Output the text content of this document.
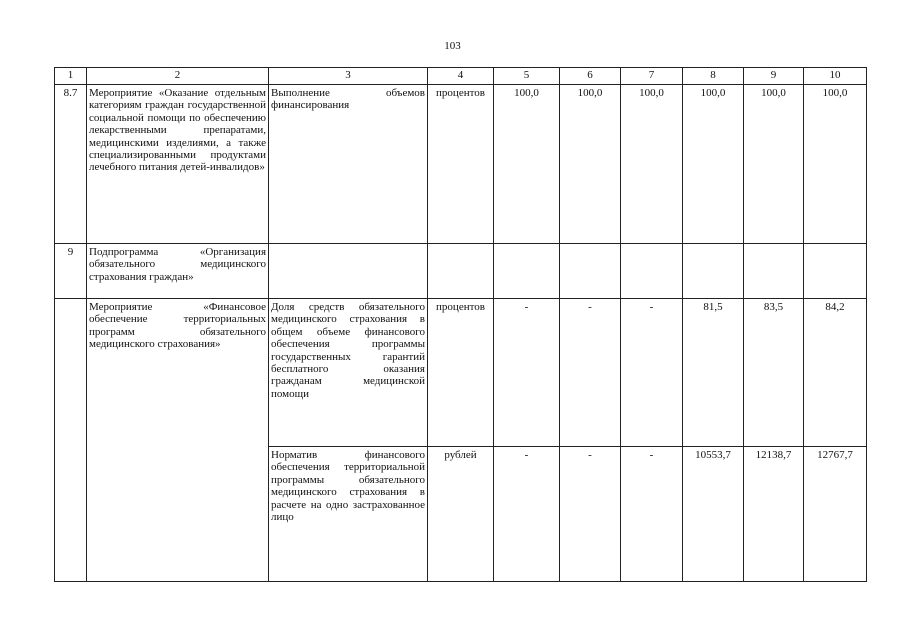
103
1	2	3	4	5	6	7	8	9	10
8.7	Мероприятие «Оказание отдельным категориям граждан государственной социальной помощи по обеспечению лекарственными препаратами, медицинскими изделиями, а также специализированными продуктами лечебного питания детей-инвалидов»	Выполнение объемов финансирования	процентов	100,0	100,0	100,0	100,0	100,0	100,0
9	Подпрограмма «Организация обязательного медицинского страхования граждан»								
	Мероприятие «Финансовое обеспечение территориальных программ обязательного медицинского страхования»	Доля средств обязательного медицинского страхования в общем объеме финансового обеспечения программы государственных гарантий бесплатного оказания гражданам медицинской помощи	процентов	-	-	-	81,5	83,5	84,2
		Норматив финансового обеспечения территориальной программы обязательного медицинского страхования в расчете на одно застрахованное лицо	рублей	-	-	-	10553,7	12138,7	12767,7
